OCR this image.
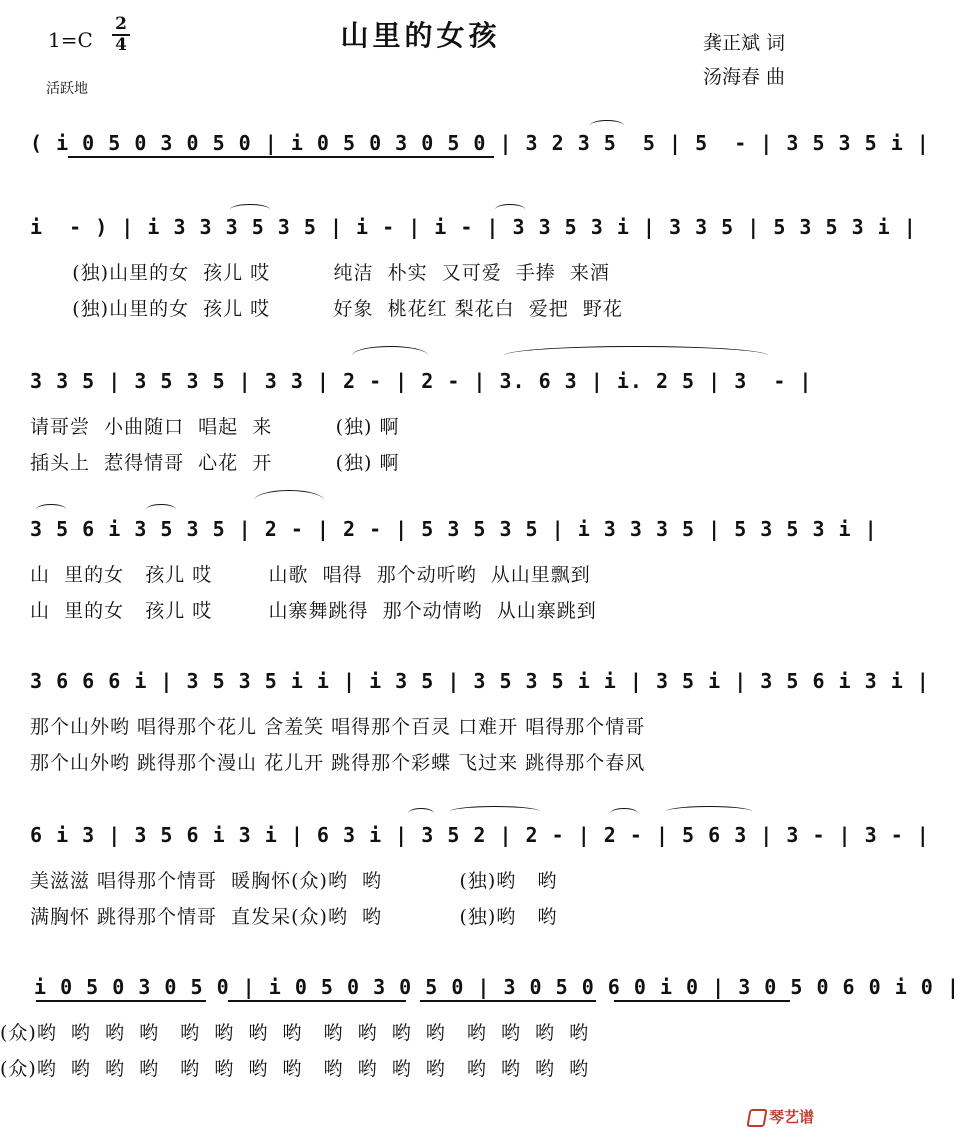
1=C
2
4
活跃地
山里的女孩	龚正斌 词
汤海春 曲
( i 0 5 0 3 0 5 0 | i 0 5 0 3 0 5 0 | 3 2 3 5  5 | 5  - | 3 5 3 5 i |
i  - ) | i 3 3 3 5 3 5 | i - | i - | 3 3 5 3 i | 3 3 5 | 5 3 5 3 i |
(独)山里的女  孩儿 哎         纯洁  朴实  又可爱  手捧  来酒
(独)山里的女  孩儿 哎         好象  桃花红 梨花白  爱把  野花
3 3 5 | 3 5 3 5 | 3 3 | 2 - | 2 - | 3. 6 3 | i. 2 5 | 3  - |
请哥尝  小曲随口  唱起  来         (独) 啊
插头上  惹得情哥  心花  开         (独) 啊
3 5 6 i 3 5 3 5 | 2 - | 2 - | 5 3 5 3 5 | i 3 3 3 5 | 5 3 5 3 i |
山  里的女   孩儿 哎        山歌  唱得  那个动听哟  从山里飘到
山  里的女   孩儿 哎        山寨舞跳得  那个动情哟  从山寨跳到
3 6 6 6 i | 3 5 3 5 i i | i 3 5 | 3 5 3 5 i i | 3 5 i | 3 5 6 i 3 i |
那个山外哟 唱得那个花儿 含羞笑 唱得那个百灵 口难开 唱得那个情哥
那个山外哟 跳得那个漫山 花儿开 跳得那个彩蝶 飞过来 跳得那个春风
6 i 3 | 3 5 6 i 3 i | 6 3 i | 3 5 2 | 2 - | 2 - | 5 6 3 | 3 - | 3 - |
美滋滋 唱得那个情哥  暖胸怀(众)哟  哟           (独)哟   哟
满胸怀 跳得那个情哥  直发呆(众)哟  哟           (独)哟   哟
i 0 5 0 3 0 5 0 | i 0 5 0 3 0 5 0 | 3 0 5 0 6 0 i 0 | 3 0 5 0 6 0 i 0 |
(众)哟  哟  哟  哟   哟  哟  哟  哟   哟  哟  哟  哟   哟  哟  哟  哟
(众)哟  哟  哟  哟   哟  哟  哟  哟   哟  哟  哟  哟   哟  哟  哟  哟
琴艺谱
